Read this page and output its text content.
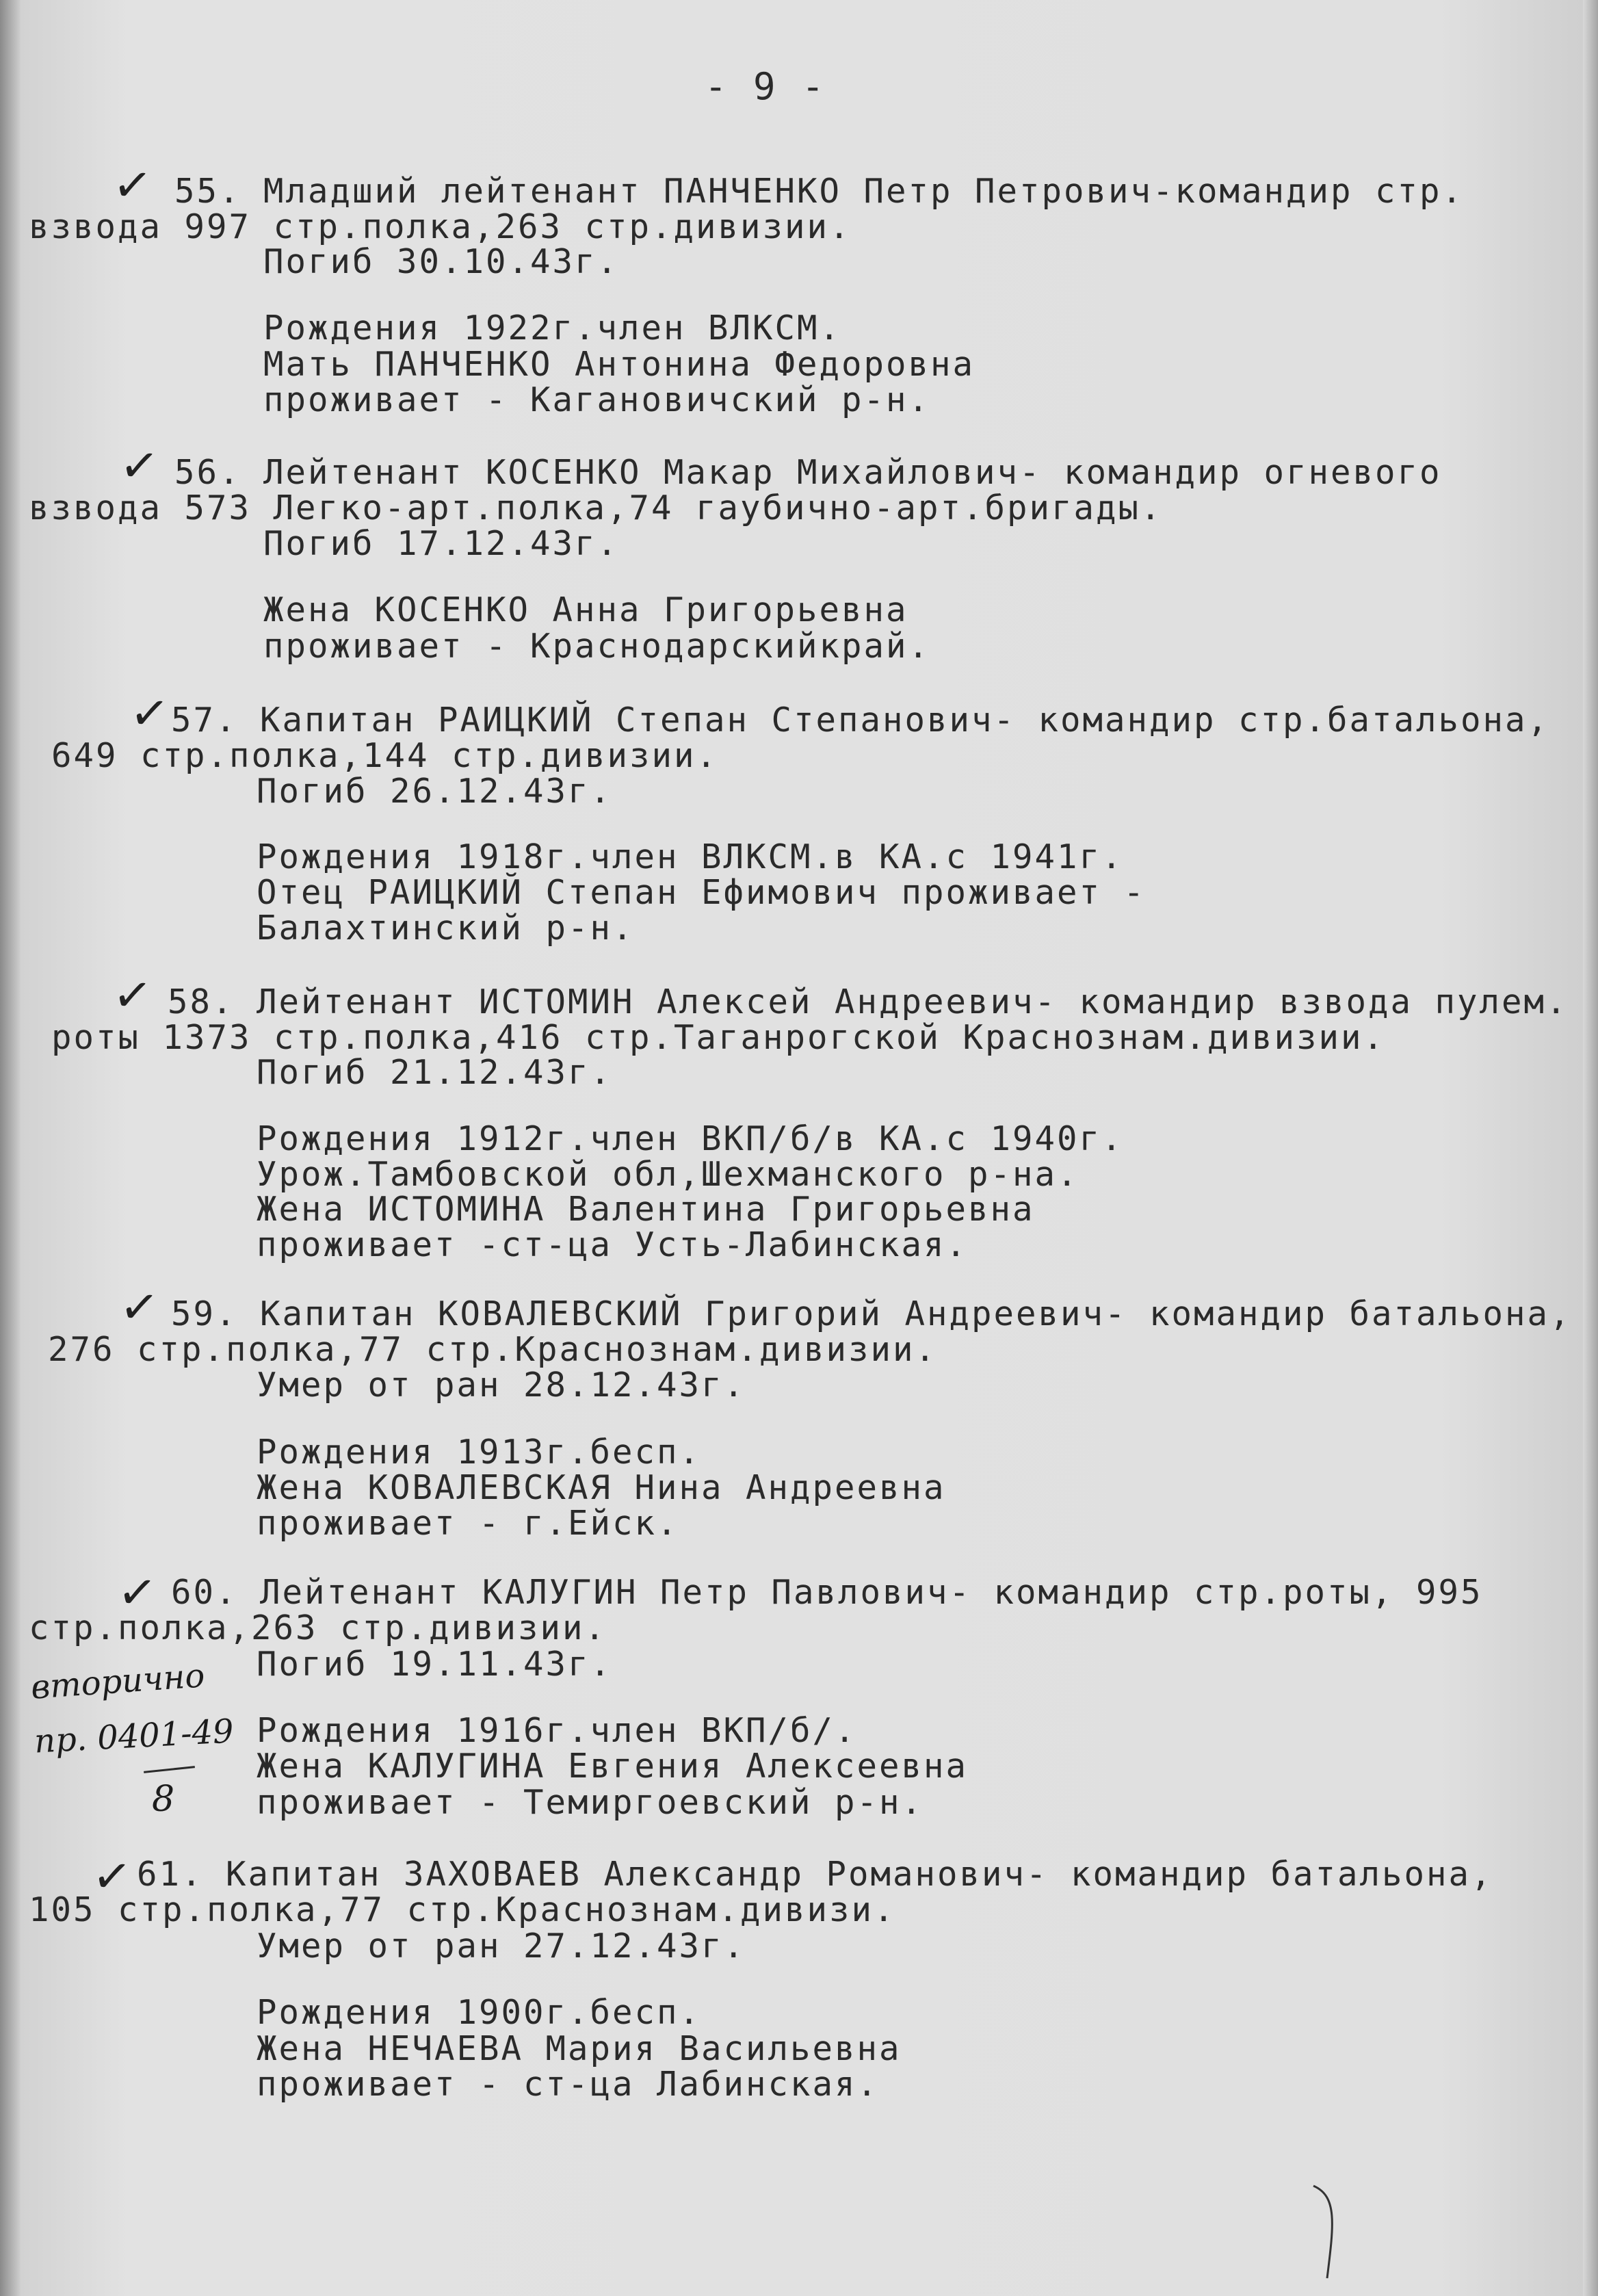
- 9 -
✓ 55. Младший лейтенант ПАНЧЕНКО Петр Петрович-командир стр.
взвода 997 стр.полка,263 стр.дивизии.
Погиб 30.10.43г.
Рождения 1922г.член ВЛКСМ.
Мать ПАНЧЕНКО Антонина Федоровна
проживает - Кагановичский р-н.
✓ 56. Лейтенант КОСЕНКО Макар Михайлович- командир огневого
взвода 573 Легко-арт.полка,74 гаубично-арт.бригады.
Погиб 17.12.43г.
Жена КОСЕНКО Анна Григорьевна
проживает - Краснодарскийкрай.
✓
57. Капитан РАИЦКИЙ Степан Степанович- командир стр.батальона,
649 стр.полка,144 стр.дивизии.
Погиб 26.12.43г.
Рождения 1918г.член ВЛКСМ.в КА.с 1941г.
Отец РАИЦКИЙ Степан Ефимович проживает -
Балахтинский р-н.
✓ 58. Лейтенант ИСТОМИН Алексей Андреевич- командир взвода пулем.
роты 1373 стр.полка,416 стр.Таганрогской Краснознам.дивизии.
Погиб 21.12.43г.
Рождения 1912г.член ВКП/б/в КА.с 1940г.
Урож.Тамбовской обл,Шехманского р-на.
Жена ИСТОМИНА Валентина Григорьевна
проживает -ст-ца Усть-Лабинская.
✓ 59. Капитан КОВАЛЕВСКИЙ Григорий Андреевич- командир батальона,
276 стр.полка,77 стр.Краснознам.дивизии.
Умер от ран 28.12.43г.
Рождения 1913г.бесп.
Жена КОВАЛЕВСКАЯ Нина Андреевна
проживает - г.Ейск.
✓ 60. Лейтенант КАЛУГИН Петр Павлович- командир стр.роты, 995
стр.полка,263 стр.дивизии.
Погиб 19.11.43г.
Рождения 1916г.член ВКП/б/.
Жена КАЛУГИНА Евгения Алексеевна
проживает - Темиргоевский р-н.
вторично
пр. 0401-49
8
✓ 61. Капитан ЗАХОВАЕВ Александр Романович- командир батальона,
105 стр.полка,77 стр.Краснознам.дивизи.
Умер от ран 27.12.43г.
Рождения 1900г.бесп.
Жена НЕЧАЕВА Мария Васильевна
проживает - ст-ца Лабинская.
